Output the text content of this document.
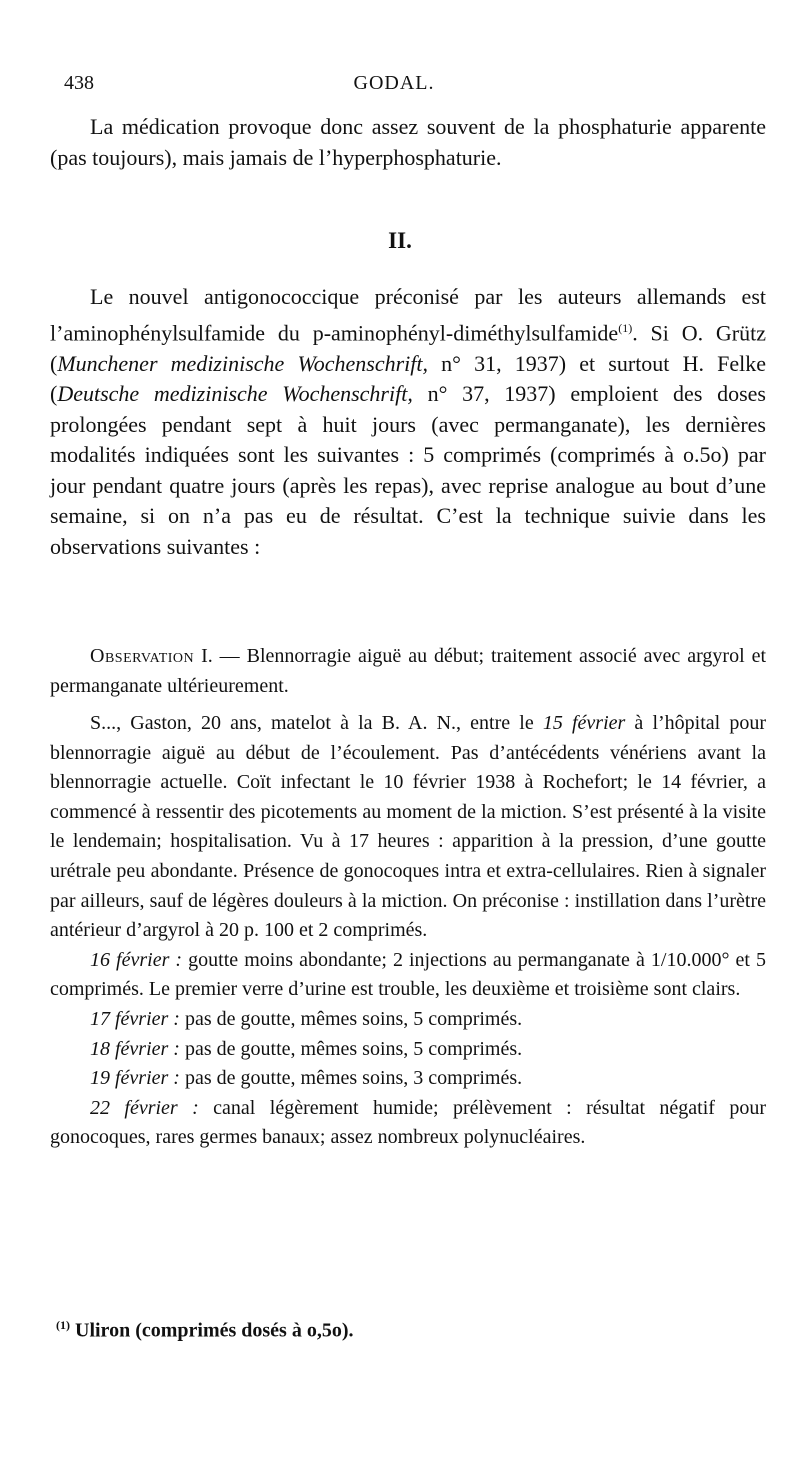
438	GODAL.

La médication provoque donc assez souvent de la phosphaturie apparente (pas toujours), mais jamais de l’hyperphosphaturie.

II.

Le nouvel antigonococcique préconisé par les auteurs allemands est l’aminophénylsulfamide du p-aminophényl-diméthylsulfamide$^{(1)}$. Si O. Grütz (Munchener medizinische Wochenschrift, n° 31, 1937) et surtout H. Felke (Deutsche medizinische Wochenschrift, n° 37, 1937) emploient des doses prolongées pendant sept à huit jours (avec permanganate), les dernières modalités indiquées sont les suivantes : 5 comprimés (comprimés à o.5o) par jour pendant quatre jours (après les repas), avec reprise analogue au bout d’une semaine, si on n’a pas eu de résultat. C’est la technique suivie dans les observations suivantes :

Observation I. — Blennorragie aiguë au début; traitement associé avec argyrol et permanganate ultérieurement.

S..., Gaston, 20 ans, matelot à la B. A. N., entre le 15 février à l’hôpital pour blennorragie aiguë au début de l’écoulement. Pas d’antécédents vénériens avant la blennorragie actuelle. Coït infectant le 10 février 1938 à Rochefort; le 14 février, a commencé à ressentir des picotements au moment de la miction. S’est présenté à la visite le lendemain; hospitalisation. Vu à 17 heures : apparition à la pression, d’une goutte urétrale peu abondante. Présence de gonocoques intra et extra-cellulaires. Rien à signaler par ailleurs, sauf de légères douleurs à la miction. On préconise : instillation dans l’urètre antérieur d’argyrol à 20 p. 100 et 2 comprimés.

16 février : goutte moins abondante; 2 injections au permanganate à 1/10.000° et 5 comprimés. Le premier verre d’urine est trouble, les deuxième et troisième sont clairs.

17 février : pas de goutte, mêmes soins, 5 comprimés.

18 février : pas de goutte, mêmes soins, 5 comprimés.

19 février : pas de goutte, mêmes soins, 3 comprimés.

22 février : canal légèrement humide; prélèvement : résultat négatif pour gonocoques, rares germes banaux; assez nombreux polynucléaires.

$^{(1)}$ Uliron (comprimés dosés à o,5o).
